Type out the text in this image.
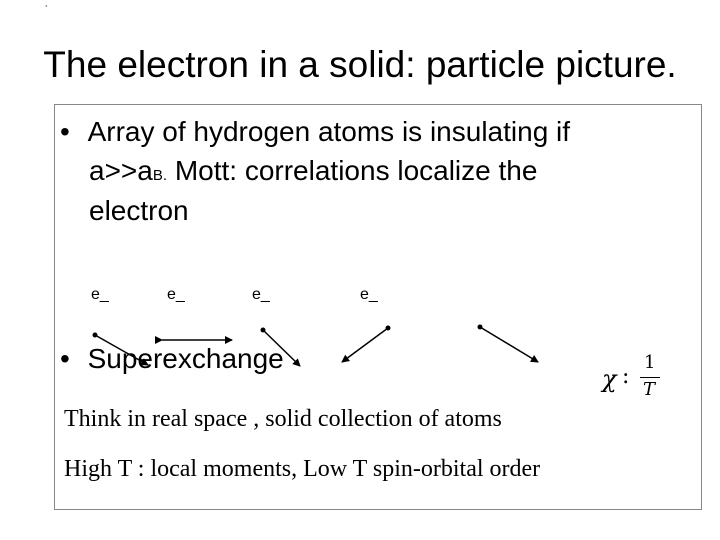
ﾞ
The electron in a solid: particle picture.
• Array of hydrogen atoms is insulating if
a>>aB. Mott: correlations localize the
electron
e_	e_	e_	e_
• Superexchange
χ :
1
T
Think in real space , solid collection of atoms
High T : local moments, Low T spin-orbital order
